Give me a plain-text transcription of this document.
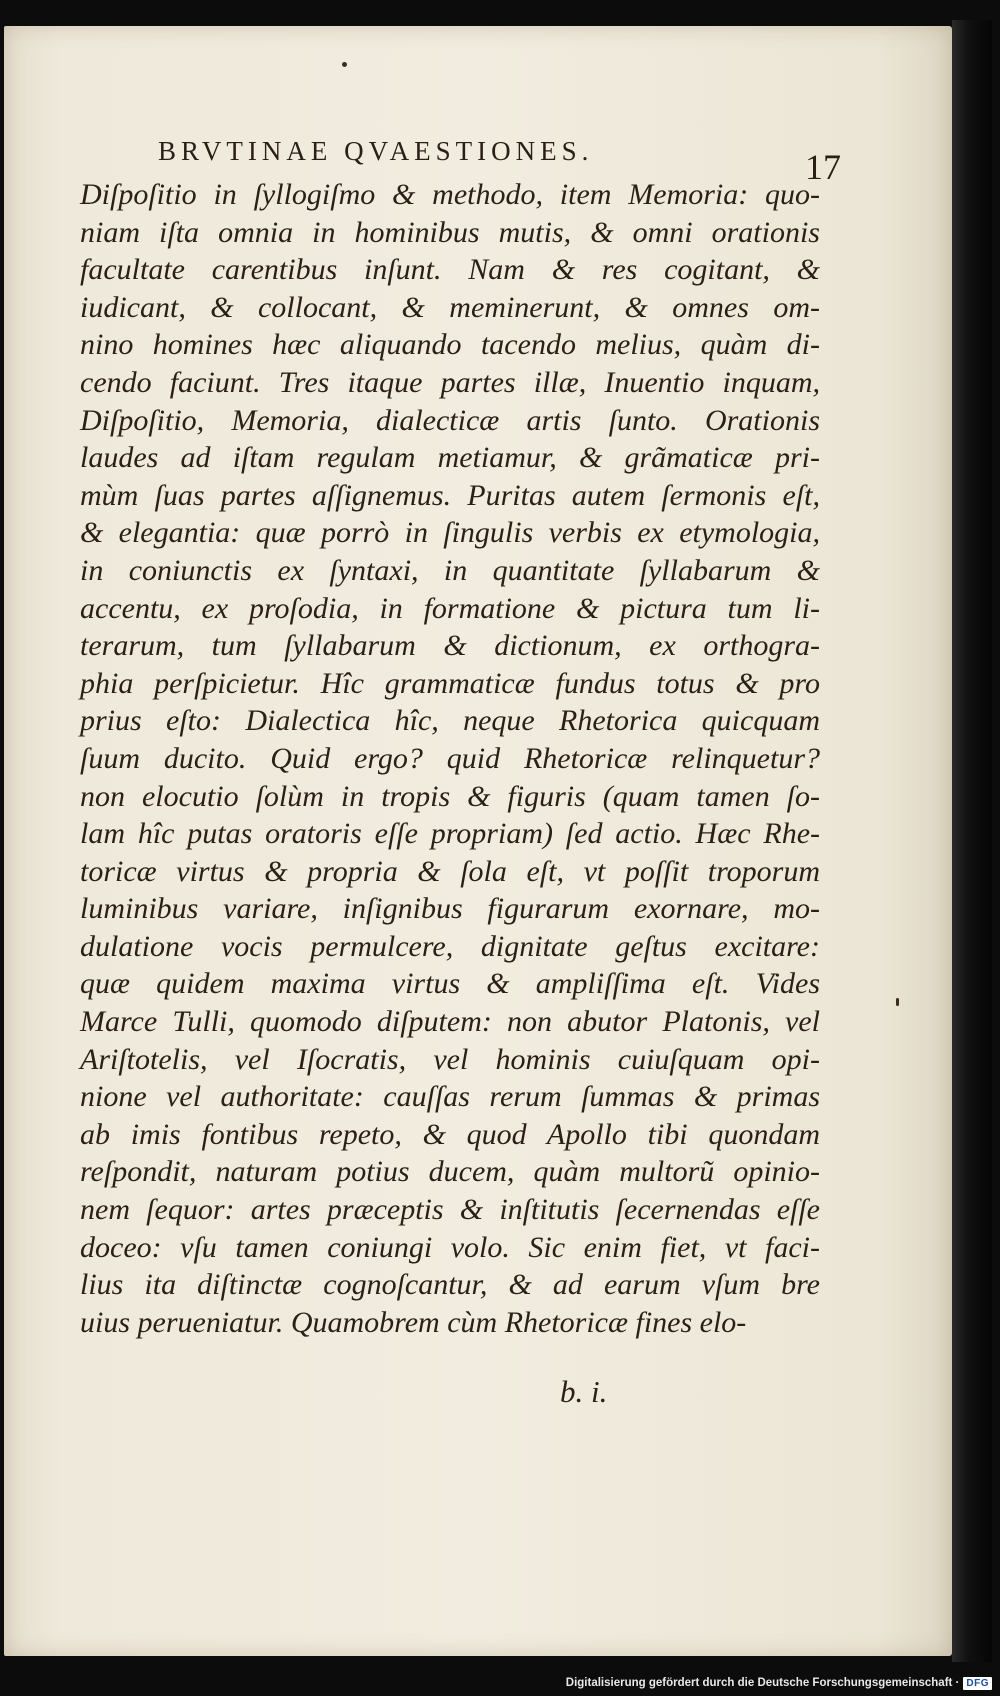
BRVTINAE QVAESTIONES.	17
Diſpoſitio in ſyllogiſmo & methodo, item Memoria: quo-
niam iſta omnia in hominibus mutis, & omni orationis
facultate carentibus inſunt. Nam & res cogitant, &
iudicant, & collocant, & meminerunt, & omnes om-
nino homines hæc aliquando tacendo melius, quàm di-
cendo faciunt. Tres itaque partes illæ, Inuentio inquam,
Diſpoſitio, Memoria, dialecticæ artis ſunto. Orationis
laudes ad iſtam regulam metiamur, & grãmaticæ pri-
mùm ſuas partes aſſignemus. Puritas autem ſermonis eſt,
& elegantia: quæ porrò in ſingulis verbis ex etymologia,
in coniunctis ex ſyntaxi, in quantitate ſyllabarum &
accentu, ex proſodia, in formatione & pictura tum li-
terarum, tum ſyllabarum & dictionum, ex orthogra-
phia perſpicietur. Hîc grammaticæ fundus totus & pro
prius eſto: Dialectica hîc, neque Rhetorica quicquam
ſuum ducito. Quid ergo? quid Rhetoricæ relinquetur?
non elocutio ſolùm in tropis & figuris (quam tamen ſo-
lam hîc putas oratoris eſſe propriam) ſed actio. Hæc Rhe-
toricæ virtus & propria & ſola eſt, vt poſſit troporum
luminibus variare, inſignibus figurarum exornare, mo-
dulatione vocis permulcere, dignitate geſtus excitare:
quæ quidem maxima virtus & ampliſſima eſt. Vides
Marce Tulli, quomodo diſputem: non abutor Platonis, vel
Ariſtotelis, vel Iſocratis, vel hominis cuiuſquam opi-
nione vel authoritate: cauſſas rerum ſummas & primas
ab imis fontibus repeto, & quod Apollo tibi quondam
reſpondit, naturam potius ducem, quàm multorũ opinio-
nem ſequor: artes præceptis & inſtitutis ſecernendas eſſe
doceo: vſu tamen coniungi volo. Sic enim fiet, vt faci-
lius ita diſtinctæ cognoſcantur, & ad earum vſum bre
uius perueniatur. Quamobrem cùm Rhetoricæ fines elo-
b. i.
Digitalisierung gefördert durch die Deutsche Forschungsgemeinschaft · DFG
